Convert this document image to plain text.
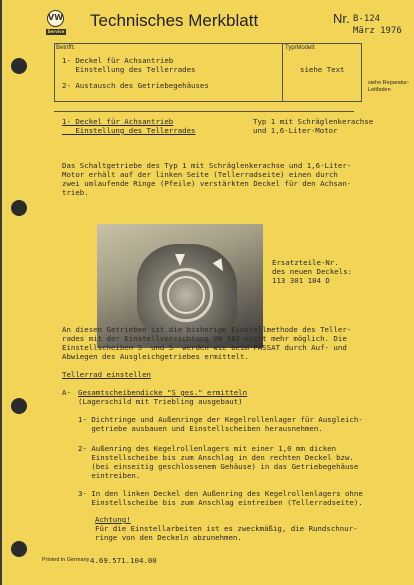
VW
Service
Technisches Merkblatt	Nr. B-124
März 1976
Betrifft:	Typ/Modell:
1- Deckel für Achsantrieb
Einstellung des Tellerrades
2- Austausch des Getriebegehäuses
siehe Text
siehe Reparatur-Leitfaden
1- Deckel für Achsantrieb
Einstellung des Tellerrades
Typ 1 mit Schräglenkerachse
und 1,6-Liter-Motor
Das Schaltgetriebe des Typ 1 mit Schräglenkerachse und 1,6-Liter-
Motor erhält auf der linken Seite (Tellerradseite) einen durch
zwei umlaufende Ringe (Pfeile) verstärkten Deckel für den Achsan-
trieb.
Ersatzteile-Nr.
des neuen Deckels:
113 301 184 D
An diesen Getrieben ist die bisherige Einstellmethode des Teller-
rades mit der Einstellvorrichtung VW 382 nicht mehr möglich. Die
Einstellscheiben S  und S  werden wie beim PASSAT durch Auf- und
Abwiegen des Ausgleichgetriebes ermittelt.
Tellerrad einstellen
A- Gesamtscheibendicke "S ges." ermitteln
(Lagerschild mit Triebling ausgebaut)
1- Dichtringe und Außenringe der Kegelrollenlager für Ausgleich-
getriebe ausbauen und Einstellscheiben herausnehmen.
2- Außenring des Kegelrollenlagers mit einer 1,0 mm dicken
Einstellscheibe bis zum Anschlag in den rechten Deckel bzw.
(bei einseitig geschlossenem Gehäuse) in das Getriebegehäuse
eintreiben.
3- In den linken Deckel den Außenring des Kegelrollenlagers ohne
Einstellscheibe bis zum Anschlag eintreiben (Tellerradseite).
Achtung!
Für die Einstellarbeiten ist es zweckmäßig, die Rundschnur-
ringe von den Deckeln abzunehmen.
Printed in Germany 4.69.571.104.00
